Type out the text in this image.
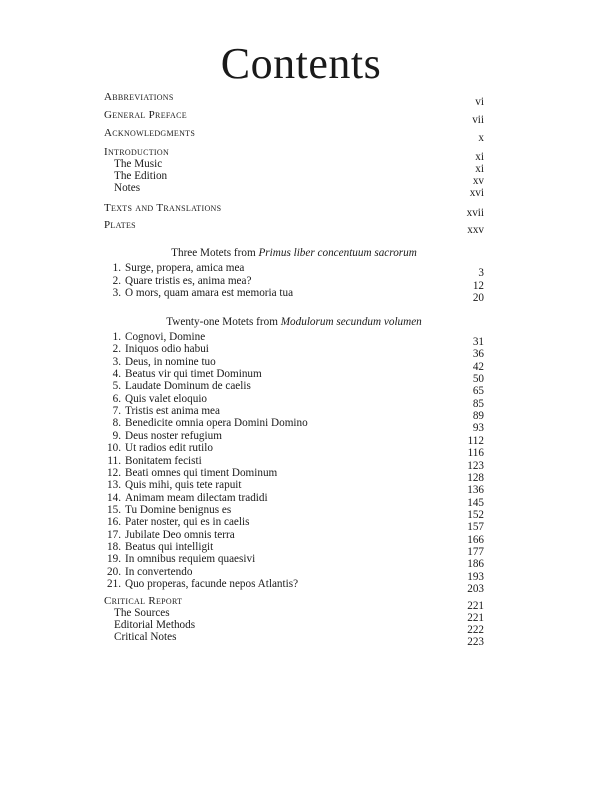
Contents
Abbreviations	vi
General Preface	vii
Acknowledgments	x
Introduction	xi
The Music	xi
The Edition	xv
Notes	xvi
Texts and Translations	xvii
Plates	xxv
Three Motets from Primus liber concentuum sacrorum
1. Surge, propera, amica mea	3
2. Quare tristis es, anima mea?	12
3. O mors, quam amara est memoria tua	20
Twenty-one Motets from Modulorum secundum volumen
1. Cognovi, Domine	31
2. Iniquos odio habui	36
3. Deus, in nomine tuo	42
4. Beatus vir qui timet Dominum	50
5. Laudate Dominum de caelis	65
6. Quis valet eloquio	85
7. Tristis est anima mea	89
8. Benedicite omnia opera Domini Domino	93
9. Deus noster refugium	112
10. Ut radios edit rutilo	116
11. Bonitatem fecisti	123
12. Beati omnes qui timent Dominum	128
13. Quis mihi, quis tete rapuit	136
14. Animam meam dilectam tradidi	145
15. Tu Domine benignus es	152
16. Pater noster, qui es in caelis	157
17. Jubilate Deo omnis terra	166
18. Beatus qui intelligit	177
19. In omnibus requiem quaesivi	186
20. In convertendo	193
21. Quo properas, facunde nepos Atlantis?	203
Critical Report	221
The Sources	221
Editorial Methods	222
Critical Notes	223
